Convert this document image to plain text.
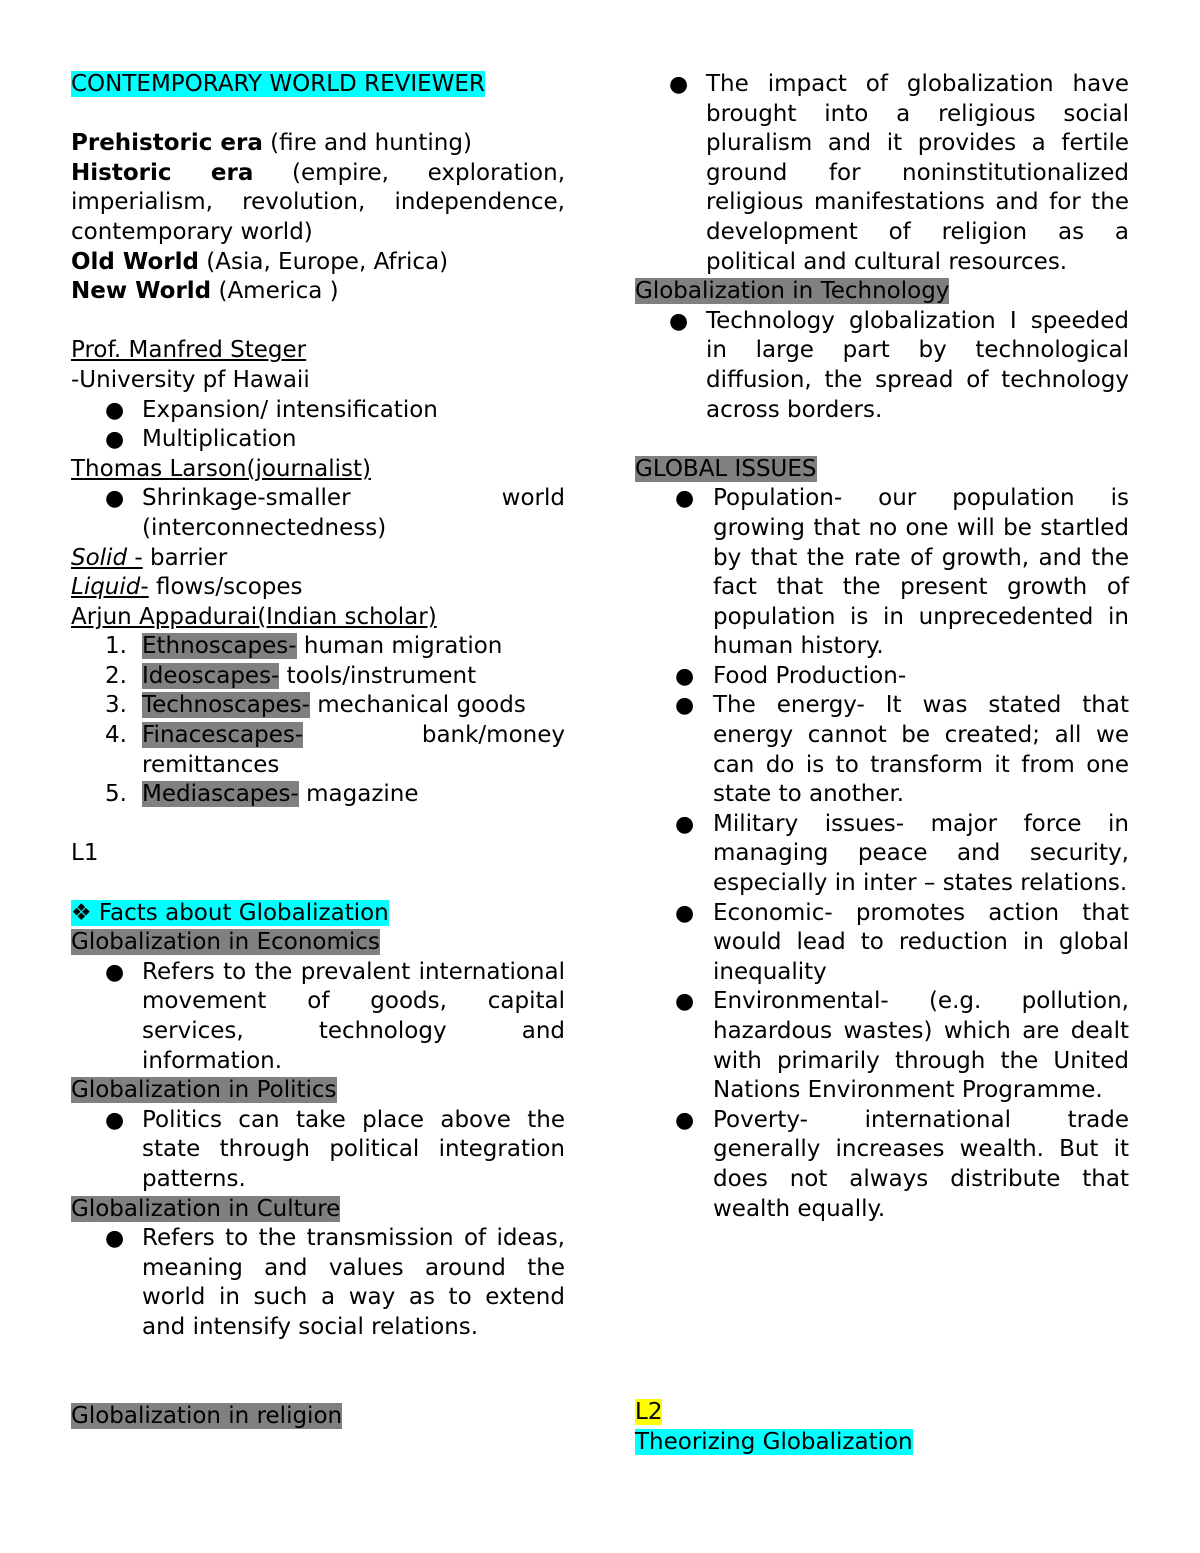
CONTEMPORARY WORLD REVIEWER

Prehistoric era (fire and hunting)

Historic era (empire, exploration, imperialism, revolution, independence, contemporary world)

Old World (Asia, Europe, Africa)

New World (America )

Prof. Manfred Steger

-University pf Hawaii

● Expansion/ intensification
● Multiplication

Thomas Larson(journalist)

● Shrinkage-smaller world (interconnectedness)

Solid - barrier

Liquid- flows/scopes

Arjun Appadurai(Indian scholar)

1. Ethnoscapes- human migration
2. Ideoscapes- tools/instrument
3. Technoscapes- mechanical goods
4. Finacescapes- bank/money remittances
5. Mediascapes- magazine

L1

❖ Facts about Globalization

Globalization in Economics

● Refers to the prevalent international movement of goods, capital services, technology and information.

Globalization in Politics

● Politics can take place above the state through political integration patterns.

Globalization in Culture

● Refers to the transmission of ideas, meaning and values around the world in such a way as to extend and intensify social relations.

Globalization in religion

● The impact of globalization have brought into a religious social pluralism and it provides a fertile ground for noninstitutionalized religious manifestations and for the development of religion as a political and cultural resources.

Globalization in Technology

● Technology globalization I speeded in large part by technological diffusion, the spread of technology across borders.

GLOBAL ISSUES

● Population- our population is growing that no one will be startled by that the rate of growth, and the fact that the present growth of population is in unprecedented in human history.
● Food Production-
● The energy- It was stated that energy cannot be created; all we can do is to transform it from one state to another.
● Military issues- major force in managing peace and security, especially in inter – states relations.
● Economic- promotes action that would lead to reduction in global inequality
● Environmental- (e.g. pollution, hazardous wastes) which are dealt with primarily through the United Nations Environment Programme.
● Poverty- international trade generally increases wealth. But it does not always distribute that wealth equally.

L2

Theorizing Globalization
